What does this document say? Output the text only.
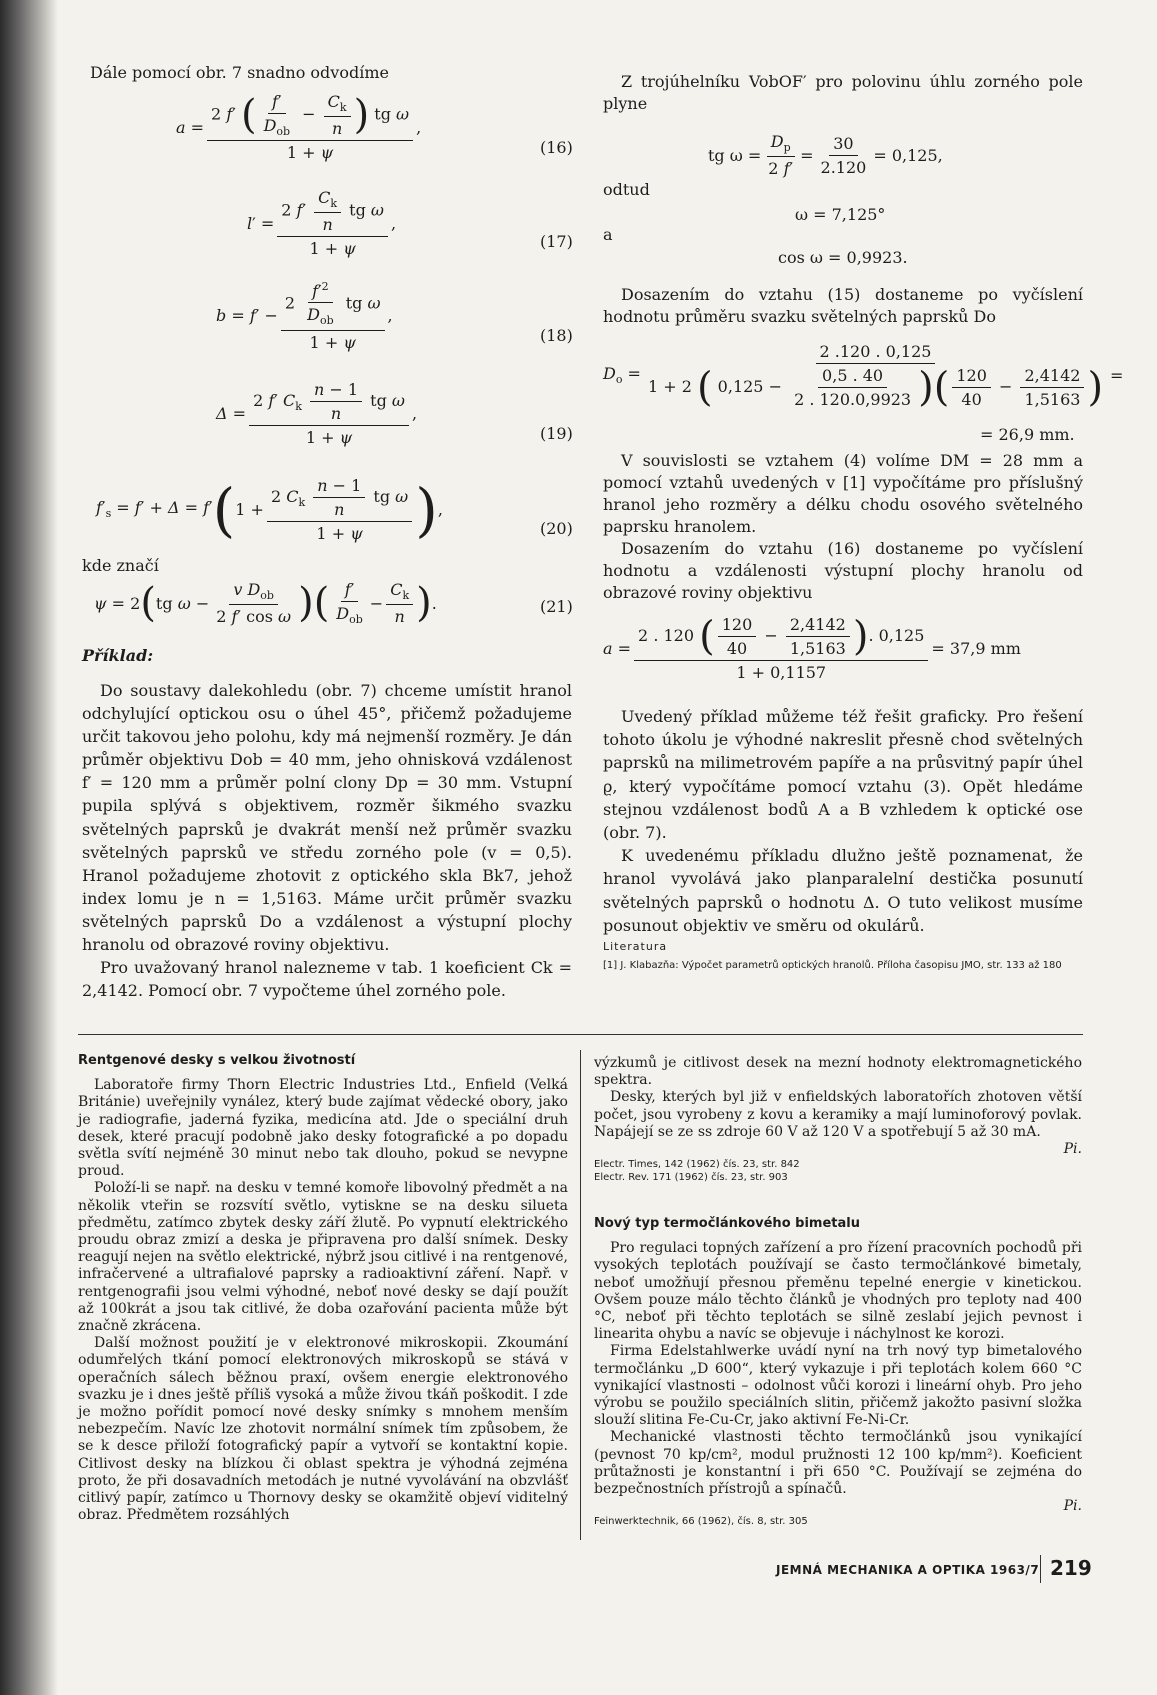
Dále pomocí obr. 7 snadno odvodíme

$a = \frac{2 f' ( \frac{f'}{D_{ob}} - \frac{C_k}{n} ) tg \omega}{1 + \psi}$ ,
(16)
$l' = \frac{2 f' \frac{C_k}{n} tg \omega}{1 + \psi}$ ,
(17)
$b = f' - \frac{2 \frac{f'^2}{D_{ob}} tg \omega}{1 + \psi}$ ,
(18)
$\Delta = \frac{2 f' C_k \frac{n - 1}{n} tg \omega}{1 + \psi}$ ,
(19)
$f'_s = f' + \Delta = f'$ ( $1 + \frac{2 C_k \frac{n - 1}{n} tg \omega}{1 + \psi}$ ) ,
(20)

kde značí

ψ = 2 ( tg $\omega - \frac{v D_{ob}}{\text{2 f′ cos ω}}$ ) ( $\frac{f'}{D_{ob}} - \frac{C_k}{n}$ ) .	(21)

Příklad:

Do soustavy dalekohledu (obr. 7) chceme umístit hranol odchylující optickou osu o úhel 45°, přičemž požadujeme určit takovou jeho polohu, kdy má nejmenší rozměry. Je dán průměr objektivu Dob = 40 mm, jeho ohnisková vzdálenost f′ = 120 mm a průměr polní clony Dp = 30 mm. Vstupní pupila splývá s objektivem, rozměr šikmého svazku světelných paprsků je dvakrát menší než průměr svazku světelných paprsků ve středu zorného pole (v = 0,5). Hranol požadujeme zhotovit z optického skla Bk7, jehož index lomu je n = 1,5163. Máme určit průměr svazku světelných paprsků Do a vzdálenost a výstupní plochy hranolu od obrazové roviny objektivu.

Pro uvažovaný hranol nalezneme v tab. 1 koeficient Ck = 2,4142. Pomocí obr. 7 vypočteme úhel zorného pole.

Z trojúhelníku VobOF′ pro polovinu úhlu zorného pole plyne

tg $\omega = \frac{D_p}{2 f'} = \frac{30}{2.120} = 0,125$,

odtud

ω = 7,125°

a

cos ω = 0,9923.

Dosazením do vztahu (15) dostaneme po vyčíslení hodnotu průměru svazku světelných paprsků Do

$D_o$ =
2 .120 . 0,125
1 + 2 ( $0,125 - \frac{0,5 . 40}{2 . 120.0,9923}$ )( $\frac{120}{40} - \frac{2,4142}{1,5163}$ ) =
= 26,9 mm.

V souvislosti se vztahem (4) volíme DM = 28 mm a pomocí vztahů uvedených v [1] vypočítáme pro příslušný hranol jeho rozměry a délku chodu osového světelného paprsku hranolem.

Dosazením do vztahu (16) dostaneme po vyčíslení hodnotu a vzdálenosti výstupní plochy hranolu od obrazové roviny objektivu

$a = \frac{2 . 120 ( \frac{120}{40} - \frac{2,4142}{1,5163} ). 0,125}{1 + 0,1157} = 37,9$ mm

Uvedený příklad můžeme též řešit graficky. Pro řešení tohoto úkolu je výhodné nakreslit přesně chod světelných paprsků na milimetrovém papíře a na průsvitný papír úhel ϱ, který vypočítáme pomocí vztahu (3). Opět hledáme stejnou vzdálenost bodů A a B vzhledem k optické ose (obr. 7).

K uvedenému příkladu dlužno ještě poznamenat, že hranol vyvolává jako planparalelní destička posunutí světelných paprsků o hodnotu Δ. O tuto velikost musíme posunout objektiv ve směru od okulárů.

Literatura
[1] J. Klabazňa: Výpočet parametrů optických hranolů. Příloha časopisu JMO, str. 133 až 180

Rentgenové desky s velkou životností

Laboratoře firmy Thorn Electric Industries Ltd., Enfield (Velká Británie) uveřejnily vynález, který bude zajímat vědecké obory, jako je radiografie, jaderná fyzika, medicína atd. Jde o speciální druh desek, které pracují podobně jako desky fotografické a po dopadu světla svítí nejméně 30 minut nebo tak dlouho, pokud se nevypne proud.

Položí-li se např. na desku v temné komoře libovolný předmět a na několik vteřin se rozsvítí světlo, vytiskne se na desku silueta předmětu, zatímco zbytek desky září žlutě. Po vypnutí elektrického proudu obraz zmizí a deska je připravena pro další snímek. Desky reagují nejen na světlo elektrické, nýbrž jsou citlivé i na rentgenové, infračervené a ultrafialové paprsky a radioaktivní záření. Např. v rentgenografii jsou velmi výhodné, neboť nové desky se dají použít až 100krát a jsou tak citlivé, že doba ozařování pacienta může být značně zkrácena.

Další možnost použití je v elektronové mikroskopii. Zkoumání odumřelých tkání pomocí elektronových mikroskopů se stává v operačních sálech běžnou praxí, ovšem energie elektronového svazku je i dnes ještě příliš vysoká a může živou tkáň poškodit. I zde je možno pořídit pomocí nové desky snímky s mnohem menším nebezpečím. Navíc lze zhotovit normální snímek tím způsobem, že se k desce přiloží fotografický papír a vytvoří se kontaktní kopie. Citlivost desky na blízkou či oblast spektra je výhodná zejména proto, že při dosavadních metodách je nutné vyvolávání na obzvlášť citlivý papír, zatímco u Thornovy desky se okamžitě objeví viditelný obraz. Předmětem rozsáhlých

výzkumů je citlivost desek na mezní hodnoty elektromagnetického spektra.

Desky, kterých byl již v enfieldských laboratořích zhotoven větší počet, jsou vyrobeny z kovu a keramiky a mají luminoforový povlak. Napájejí se ze ss zdroje 60 V až 120 V a spotřebují 5 až 30 mA.

Pi.

Electr. Times, 142 (1962) čís. 23, str. 842

Electr. Rev. 171 (1962) čís. 23, str. 903

Nový typ termočlánkového bimetalu

Pro regulaci topných zařízení a pro řízení pracovních pochodů při vysokých teplotách používají se často termočlánkové bimetaly, neboť umožňují přesnou přeměnu tepelné energie v kinetickou. Ovšem pouze málo těchto článků je vhodných pro teploty nad 400 °C, neboť při těchto teplotách se silně zeslabí jejich pevnost i linearita ohybu a navíc se objevuje i náchylnost ke korozi.

Firma Edelstahlwerke uvádí nyní na trh nový typ bimetalového termočlánku „D 600“, který vykazuje i při teplotách kolem 660 °C vynikající vlastnosti – odolnost vůči korozi i lineární ohyb. Pro jeho výrobu se použilo speciálních slitin, přičemž jakožto pasivní složka slouží slitina Fe-Cu-Cr, jako aktivní Fe-Ni-Cr.

Mechanické vlastnosti těchto termočlánků jsou vynikající (pevnost 70 kp/cm², modul pružnosti 12 100 kp/mm²). Koeficient průtažnosti je konstantní i při 650 °C. Používají se zejména do bezpečnostních přístrojů a spínačů.

Pi.

Feinwerktechnik, 66 (1962), čís. 8, str. 305

JEMNÁ MECHANIKA A OPTIKA 1963/7 219
